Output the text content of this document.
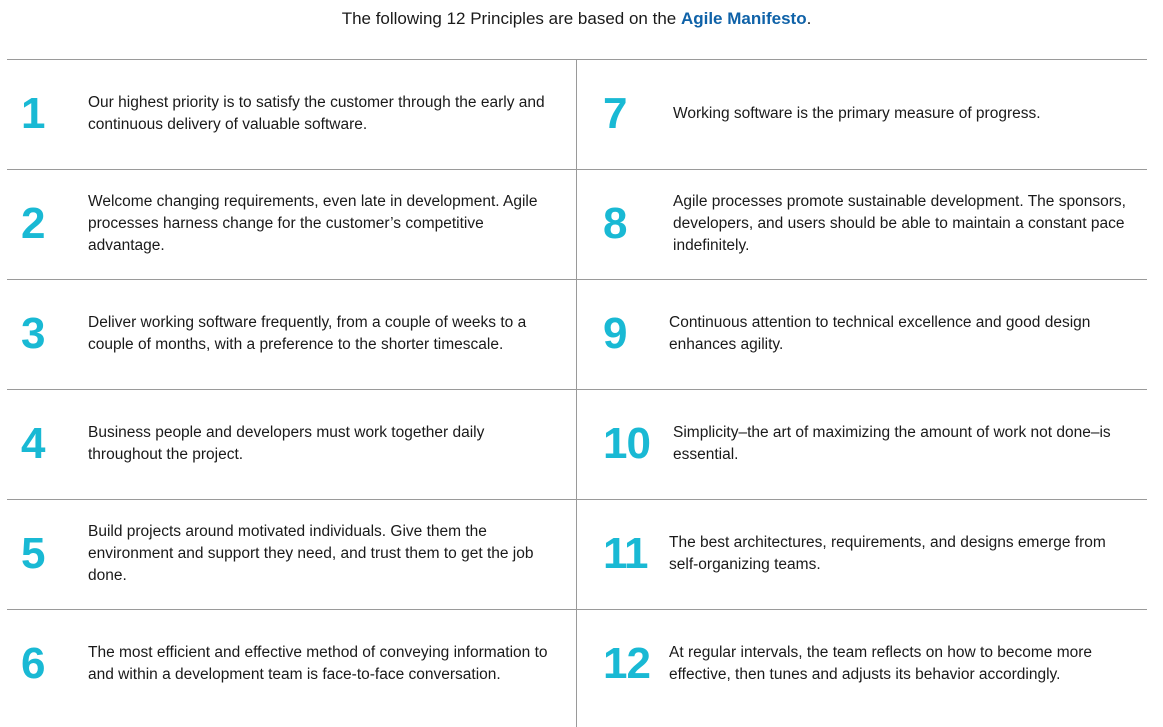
The following 12 Principles are based on the Agile Manifesto.
1	Our highest priority is to satisfy the customer through the early and continuous delivery of valuable software.
2	Welcome changing requirements, even late in development. Agile processes harness change for the customer’s competitive advantage.
3	Deliver working software frequently, from a couple of weeks to a couple of months, with a preference to the shorter timescale.
4	Business people and developers must work together daily throughout the project.
5	Build projects around motivated individuals. Give them the environment and support they need, and trust them to get the job done.
6	The most efficient and effective method of conveying information to and within a development team is face-to-face conversation.
7	Working software is the primary measure of progress.
8	Agile processes promote sustainable development. The sponsors, developers, and users should be able to maintain a constant pace indefinitely.
9	Continuous attention to technical excellence and good design enhances agility.
10 Simplicity–the art of maximizing the amount of work not done–is essential.
11 The best architectures, requirements, and designs emerge from self-organizing teams.
12 At regular intervals, the team reflects on how to become more effective, then tunes and adjusts its behavior accordingly.
